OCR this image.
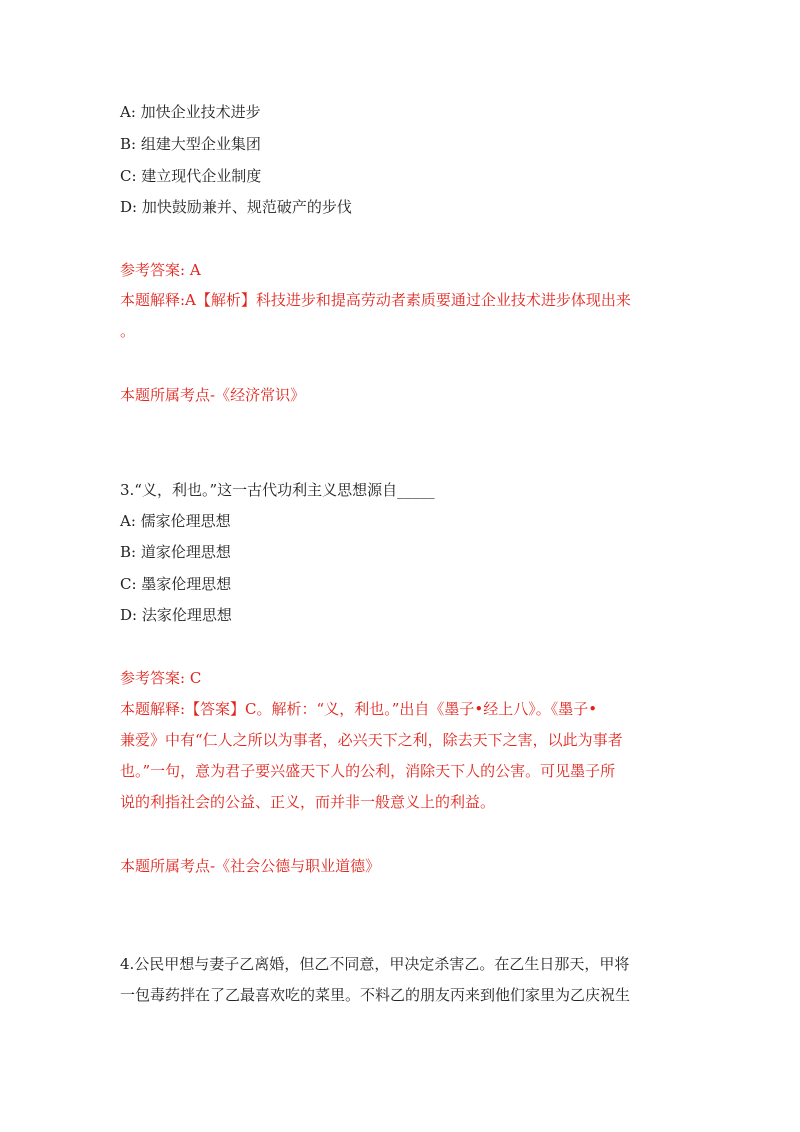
A: 加快企业技术进步
B: 组建大型企业集团
C: 建立现代企业制度
D: 加快鼓励兼并、规范破产的步伐
参考答案: A
本题解释:A【解析】科技进步和提高劳动者素质要通过企业技术进步体现出来
。
本题所属考点-《经济常识》
3.“义，利也。”这一古代功利主义思想源自_____
A: 儒家伦理思想
B: 道家伦理思想
C: 墨家伦理思想
D: 法家伦理思想
参考答案: C
本题解释:【答案】C。解析：“义，利也。”出自《墨子•经上八》。《墨子•
兼爱》中有“仁人之所以为事者，必兴天下之利，除去天下之害，以此为事者
也。”一句，意为君子要兴盛天下人的公利，消除天下人的公害。可见墨子所
说的利指社会的公益、正义，而并非一般意义上的利益。
本题所属考点-《社会公德与职业道德》
4.公民甲想与妻子乙离婚，但乙不同意，甲决定杀害乙。在乙生日那天，甲将
一包毒药拌在了乙最喜欢吃的菜里。不料乙的朋友丙来到他们家里为乙庆祝生
